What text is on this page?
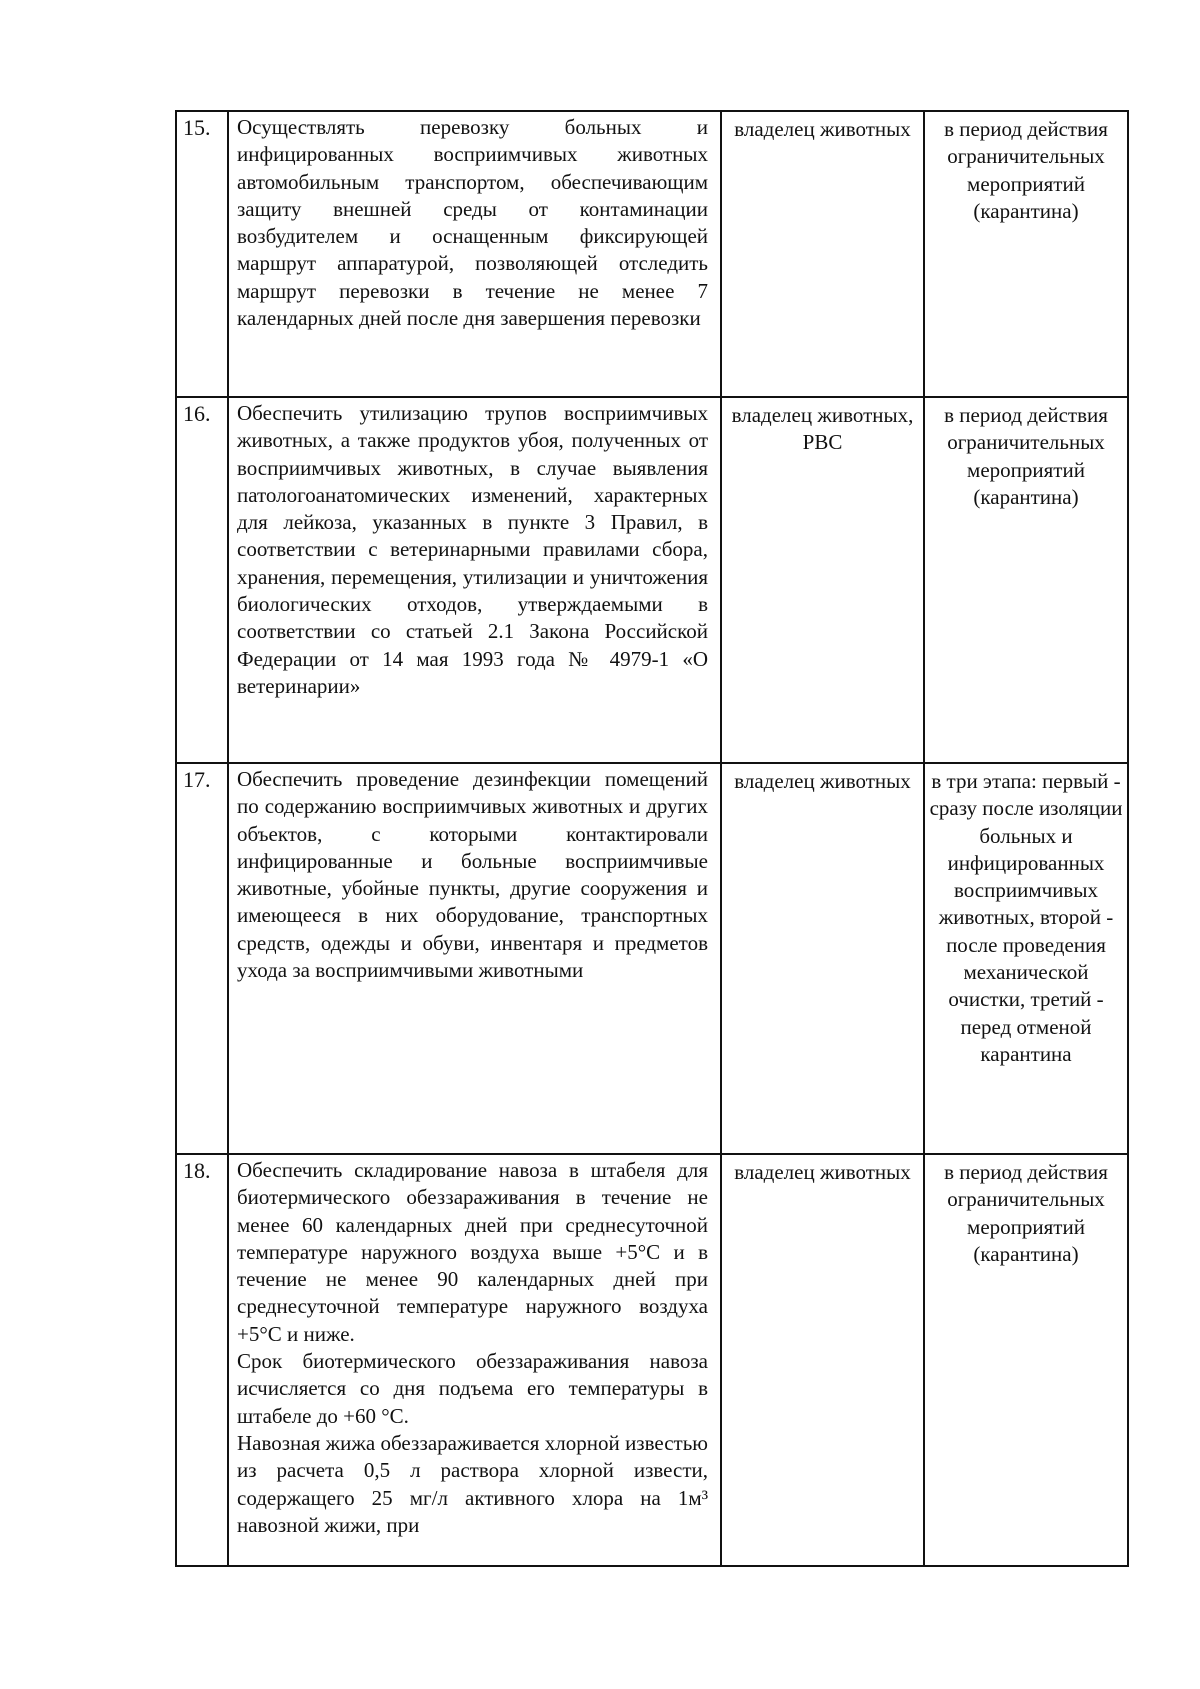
15.	Осуществлять перевозку больных и инфицированных восприимчивых животных автомобильным транспортом, обеспечивающим защиту внешней среды от контаминации возбудителем и оснащенным фиксирующей маршрут аппаратурой, позволяющей отследить маршрут перевозки в течение не менее 7 календарных дней после дня завершения перевозки	владелец животных	в период действия ограничительных мероприятий (карантина)
16.	Обеспечить утилизацию трупов восприимчивых животных, а также продуктов убоя, полученных от восприимчивых животных, в случае выявления патологоанатомических изменений, характерных для лейкоза, указанных в пункте 3 Правил, в соответствии с ветеринарными правилами сбора, хранения, перемещения, утилизации и уничтожения биологических отходов, утверждаемыми в соответствии со статьей 2.1 Закона Российской Федерации от 14 мая 1993 года № 4979-1 «О ветеринарии»	владелец животных, РВС	в период действия ограничительных мероприятий (карантина)
17.	Обеспечить проведение дезинфекции помещений по содержанию восприимчивых животных и других объектов, с которыми контактировали инфицированные и больные восприимчивые животные, убойные пункты, другие сооружения и имеющееся в них оборудование, транспортных средств, одежды и обуви, инвентаря и предметов ухода за восприимчивыми животными	владелец животных	в три этапа: первый - сразу после изоляции больных и инфицированных восприимчивых животных, второй - после проведения механической очистки, третий - перед отменой карантина
18.	Обеспечить складирование навоза в штабеля для биотермического обеззараживания в течение не менее 60 календарных дней при среднесуточной температуре наружного воздуха выше +5°С и в течение не менее 90 календарных дней при среднесуточной температуре наружного воздуха +5°С и ниже.
Срок биотермического обеззараживания навоза исчисляется со дня подъема его температуры в штабеле до +60 °С.
Навозная жижа обеззараживается хлорной известью из расчета 0,5 л раствора хлорной извести, содержащего 25 мг/л активного хлора на 1м³ навозной жижи, при	владелец животных	в период действия ограничительных мероприятий (карантина)
